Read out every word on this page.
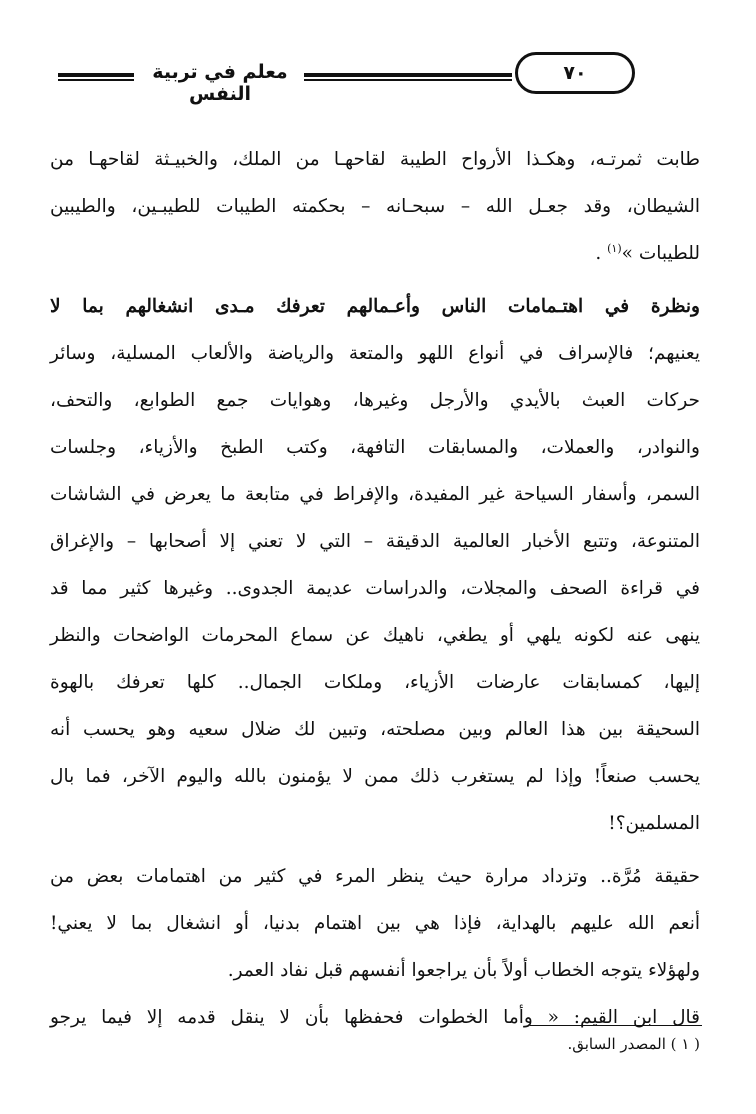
معلم في تربية النفس
٧٠
طابت ثمرتـه، وهكـذا الأرواح الطيبة لقاحهـا من الملك، والخبيـثة لقاحهـا من
الشيطان، وقد جعـل الله – سبحـانه – بحكمته الطيبات للطيبـين، والطيبين
للطيبات »$^{(١)}$ .
ونظرة في اهتـمامات الناس وأعـمالهم تعرفك مـدى انشغالهم بما لا
يعنيهم؛ فالإسراف في أنواع اللهو والمتعة والرياضة والألعاب المسلية، وسائر
حركات العبث بالأيدي والأرجل وغيرها، وهوايات جمع الطوابع، والتحف،
والنوادر، والعملات، والمسابقات التافهة، وكتب الطبخ والأزياء، وجلسات
السمر، وأسفار السياحة غير المفيدة، والإفراط في متابعة ما يعرض في الشاشات
المتنوعة، وتتبع الأخبار العالمية الدقيقة – التي لا تعني إلا أصحابها – والإغراق
في قراءة الصحف والمجلات، والدراسات عديمة الجدوى.. وغيرها كثير مما قد
ينهى عنه لكونه يلهي أو يطغي، ناهيك عن سماع المحرمات الواضحات والنظر
إليها، كمسابقات عارضات الأزياء، وملكات الجمال.. كلها تعرفك بالهوة
السحيقة بين هذا العالم وبين مصلحته، وتبين لك ضلال سعيه وهو يحسب أنه
يحسب صنعاً! وإذا لم يستغرب ذلك ممن لا يؤمنون بالله واليوم الآخر، فما بال
المسلمين؟!
حقيقة مُرَّة.. وتزداد مرارة حيث ينظر المرء في كثير من اهتمامات بعض من
أنعم الله عليهم بالهداية، فإذا هي بين اهتمام بدنيا، أو انشغال بما لا يعني!
ولهؤلاء يتوجه الخطاب أولاً بأن يراجعوا أنفسهم قبل نفاد العمر.
قال ابن القيم: « وأما الخطوات فحفظها بأن لا ينقل قدمه إلا فيما يرجو
( ١ ) المصدر السابق.
